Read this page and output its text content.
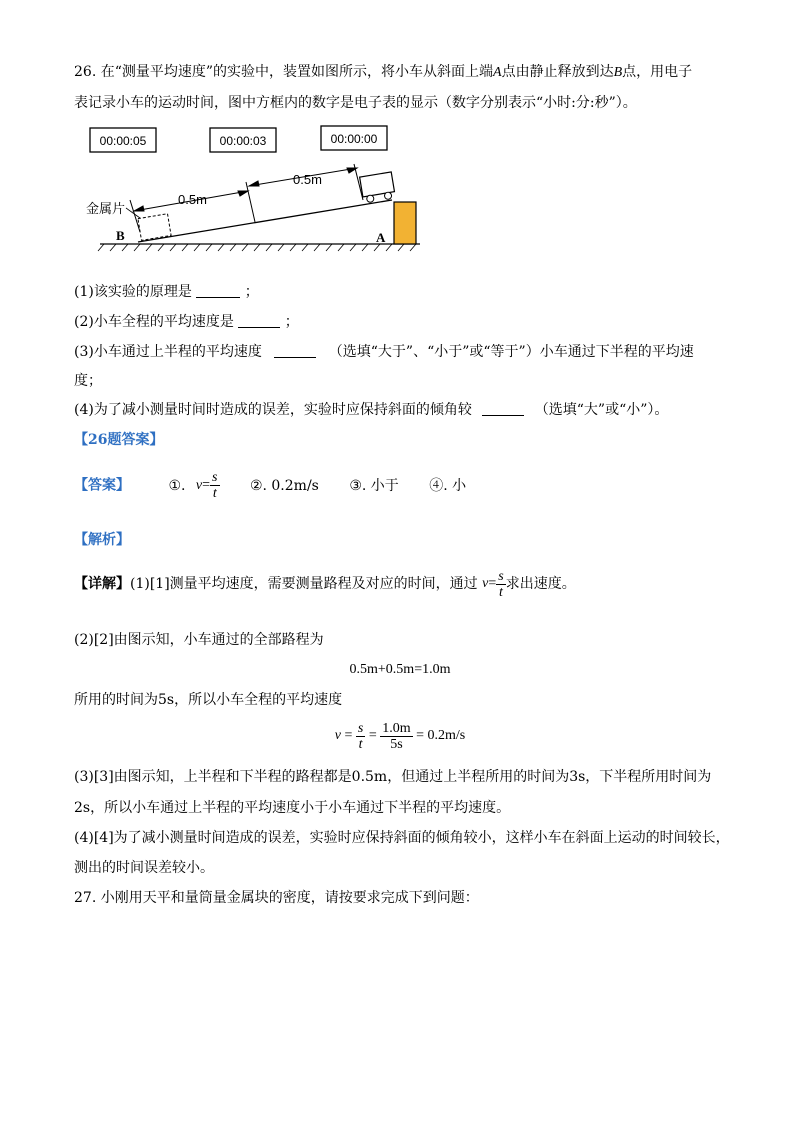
26. 在“测量平均速度”的实验中，装置如图所示，将小车从斜面上端A点由静止释放到达B点，用电子
表记录小车的运动时间，图中方框内的数字是电子表的显示（数字分别表示“小时:分:秒”）。
00:00:05	00:00:03	00:00:00
0.5m
0.5m
金属片
B	A
(1)该实验的原理是	；
(2)小车全程的平均速度是	；
(3)小车通过上半程的平均速度	（选填“大于”、“小于”或“等于”）小车通过下半程的平均速
度；
(4)为了减小测量时间时造成的误差，实验时应保持斜面的倾角较	（选填“大”或“小”）。
【26题答案】
【答案】	①. $v= \frac{s}{t}$ ②. 0.2m/s ③. 小于 ④. 小
【解析】
【详解】(1)[1]测量平均速度，需要测量路程及对应的时间，通过 $v= \frac{s}{t}$ 求出速度。
(2)[2]由图示知，小车通过的全部路程为
0.5m+0.5m=1.0m
所用的时间为5s，所以小车全程的平均速度
$v = \frac{s}{t} = \frac{1.0m}{5s} = 0.2m/s$
(3)[3]由图示知，上半程和下半程的路程都是0.5m，但通过上半程所用的时间为3s，下半程所用时间为
2s，所以小车通过上半程的平均速度小于小车通过下半程的平均速度。
(4)[4]为了减小测量时间造成的误差，实验时应保持斜面的倾角较小，这样小车在斜面上运动的时间较长，
测出的时间误差较小。
27. 小刚用天平和量筒量金属块的密度，请按要求完成下到问题：
